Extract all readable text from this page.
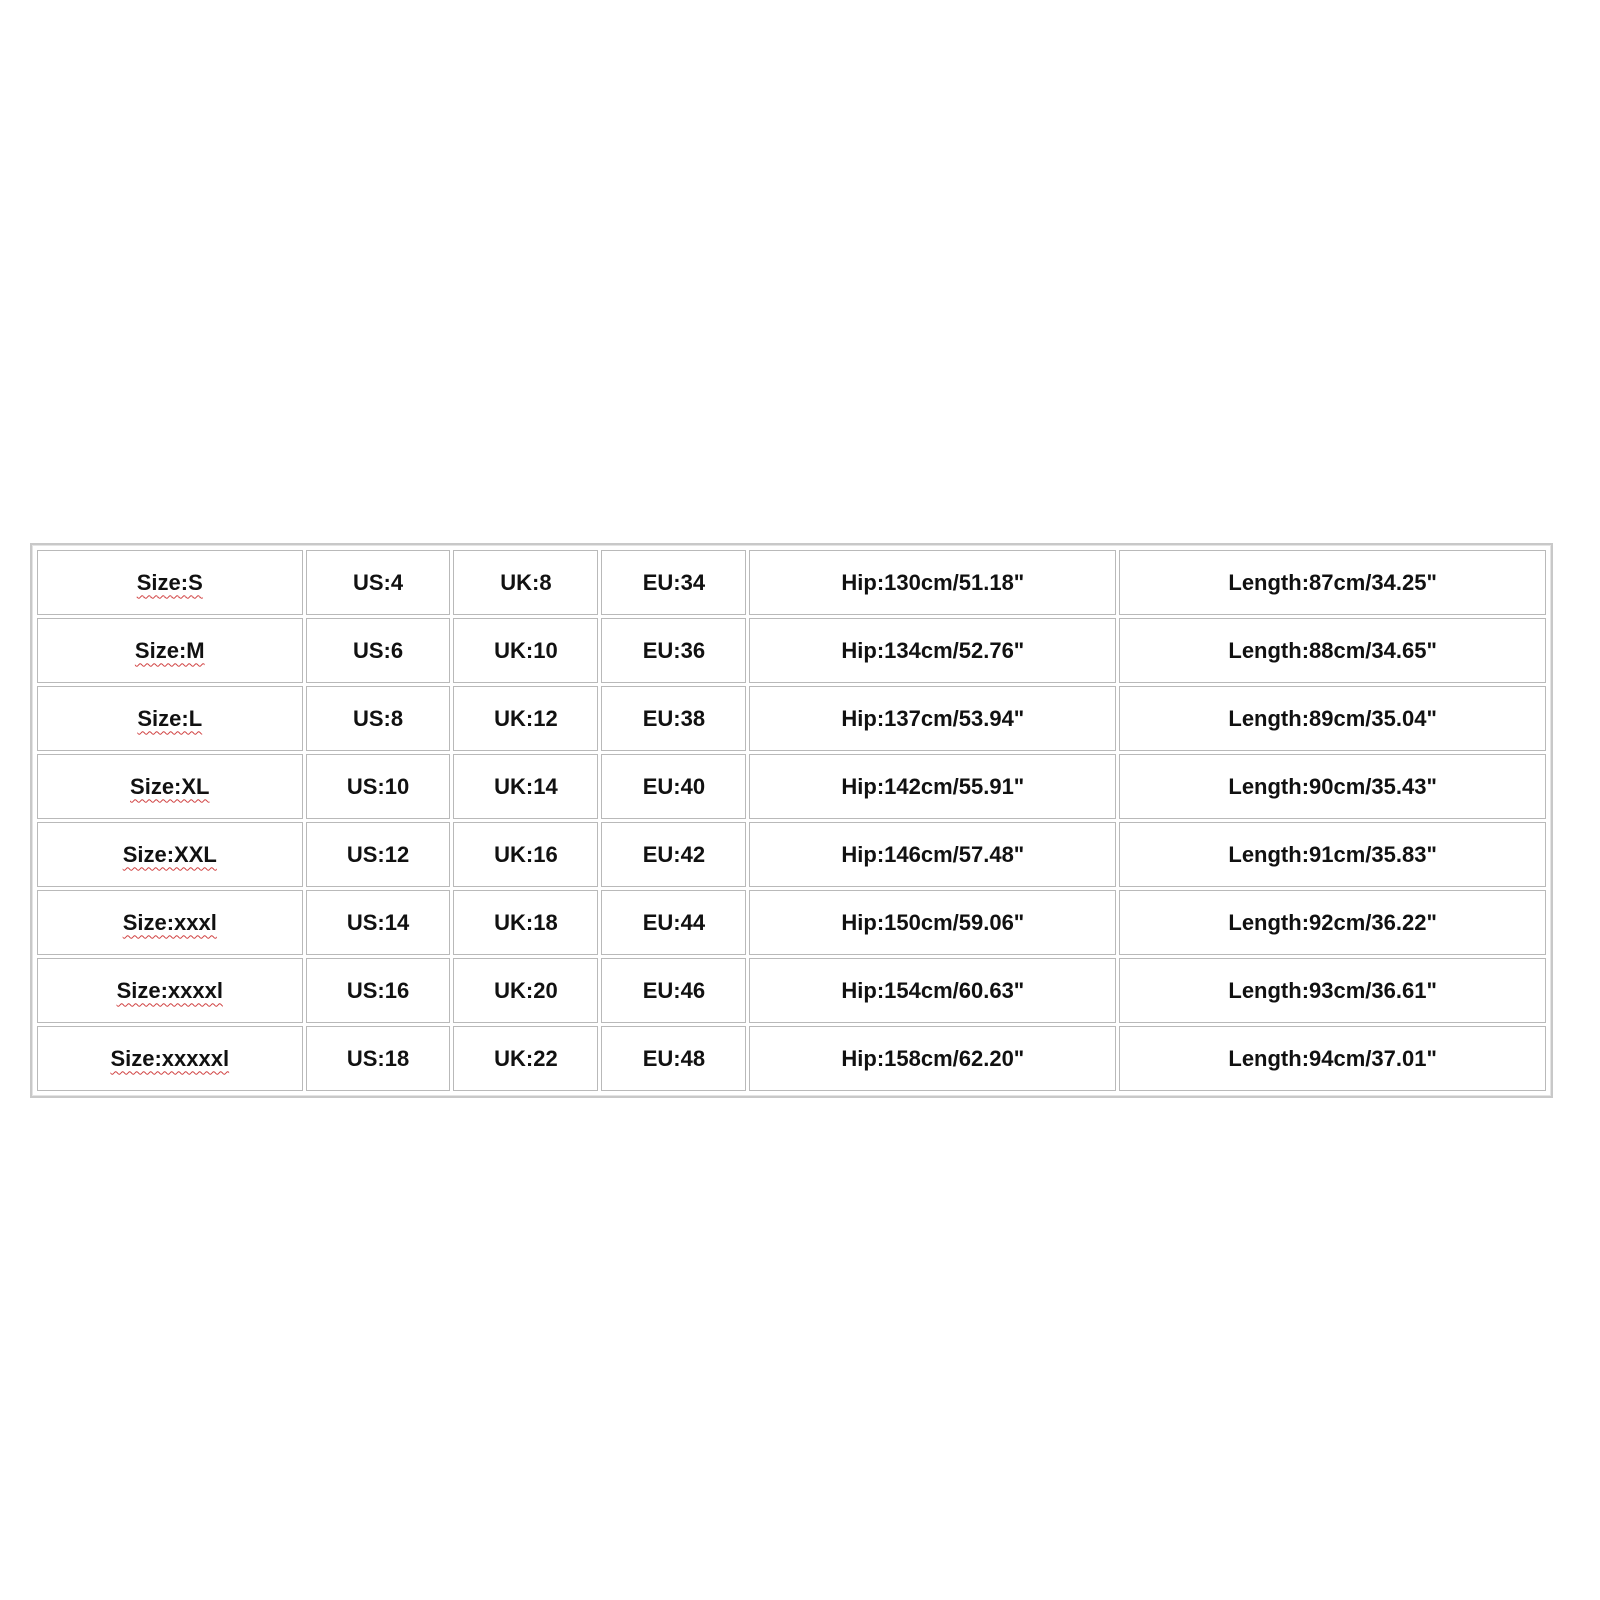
Size:S	US:4	UK:8	EU:34	Hip:130cm/51.18"	Length:87cm/34.25"
Size:M	US:6	UK:10	EU:36	Hip:134cm/52.76"	Length:88cm/34.65"
Size:L	US:8	UK:12	EU:38	Hip:137cm/53.94"	Length:89cm/35.04"
Size:XL	US:10	UK:14	EU:40	Hip:142cm/55.91"	Length:90cm/35.43"
Size:XXL	US:12	UK:16	EU:42	Hip:146cm/57.48"	Length:91cm/35.83"
Size:xxxl	US:14	UK:18	EU:44	Hip:150cm/59.06"	Length:92cm/36.22"
Size:xxxxl	US:16	UK:20	EU:46	Hip:154cm/60.63"	Length:93cm/36.61"
Size:xxxxxl	US:18	UK:22	EU:48	Hip:158cm/62.20"	Length:94cm/37.01"
